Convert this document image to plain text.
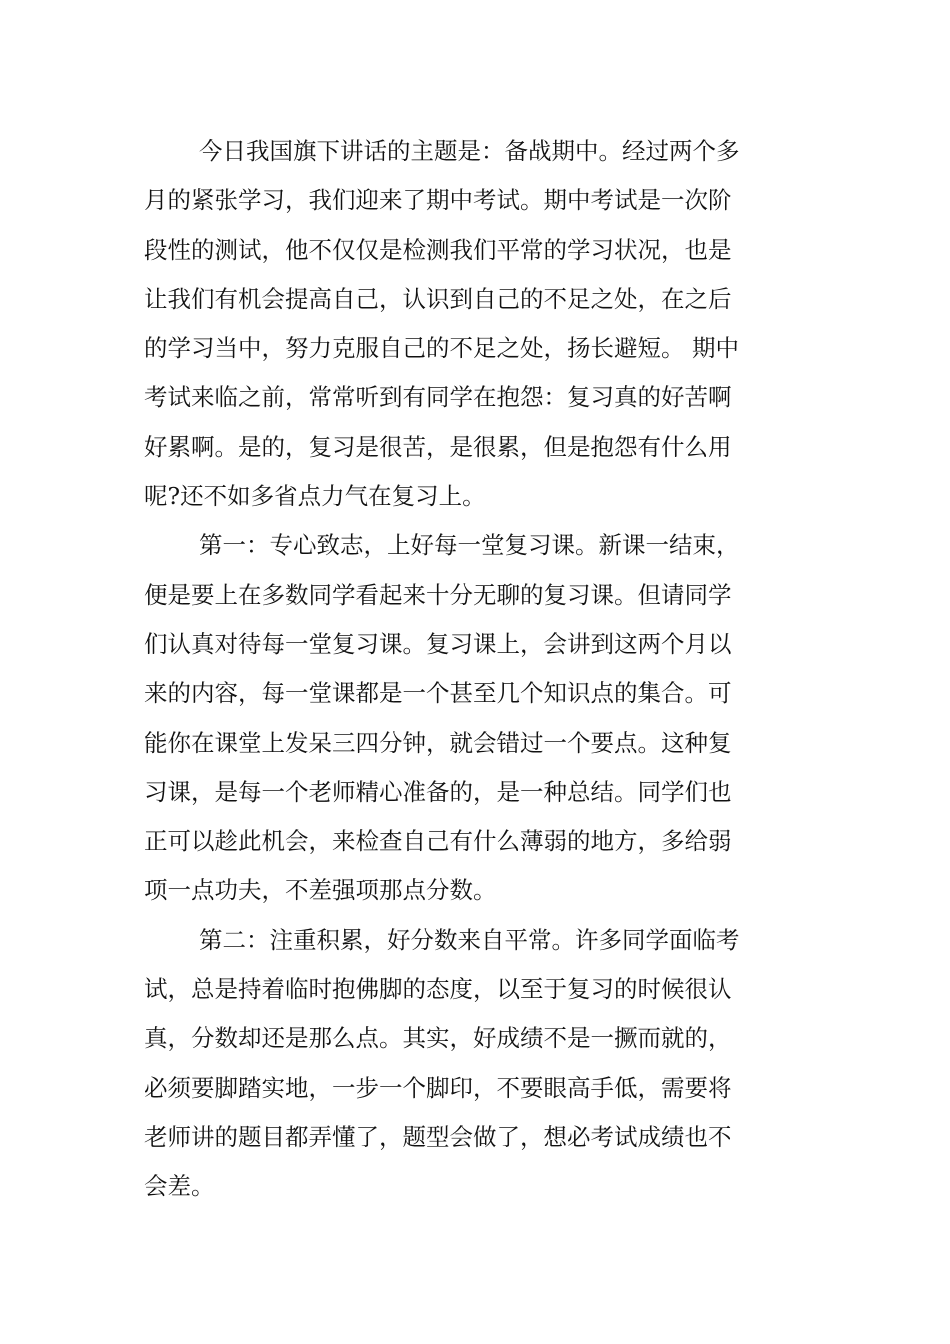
今日我国旗下讲话的主题是：备战期中。经过两个多
月的紧张学习，我们迎来了期中考试。期中考试是一次阶
段性的测试，他不仅仅是检测我们平常的学习状况，也是
让我们有机会提高自己，认识到自己的不足之处，在之后
的学习当中，努力克服自己的不足之处，扬长避短。 期中
考试来临之前，常常听到有同学在抱怨：复习真的好苦啊
好累啊。是的，复习是很苦，是很累，但是抱怨有什么用
呢?还不如多省点力气在复习上。
第一：专心致志，上好每一堂复习课。新课一结束，
便是要上在多数同学看起来十分无聊的复习课。但请同学
们认真对待每一堂复习课。复习课上，会讲到这两个月以
来的内容，每一堂课都是一个甚至几个知识点的集合。可
能你在课堂上发呆三四分钟，就会错过一个要点。这种复
习课，是每一个老师精心准备的，是一种总结。同学们也
正可以趁此机会，来检查自己有什么薄弱的地方，多给弱
项一点功夫，不差强项那点分数。
第二：注重积累，好分数来自平常。许多同学面临考
试，总是持着临时抱佛脚的态度，以至于复习的时候很认
真，分数却还是那么点。其实，好成绩不是一撅而就的，
必须要脚踏实地，一步一个脚印，不要眼高手低，需要将
老师讲的题目都弄懂了，题型会做了，想必考试成绩也不
会差。
